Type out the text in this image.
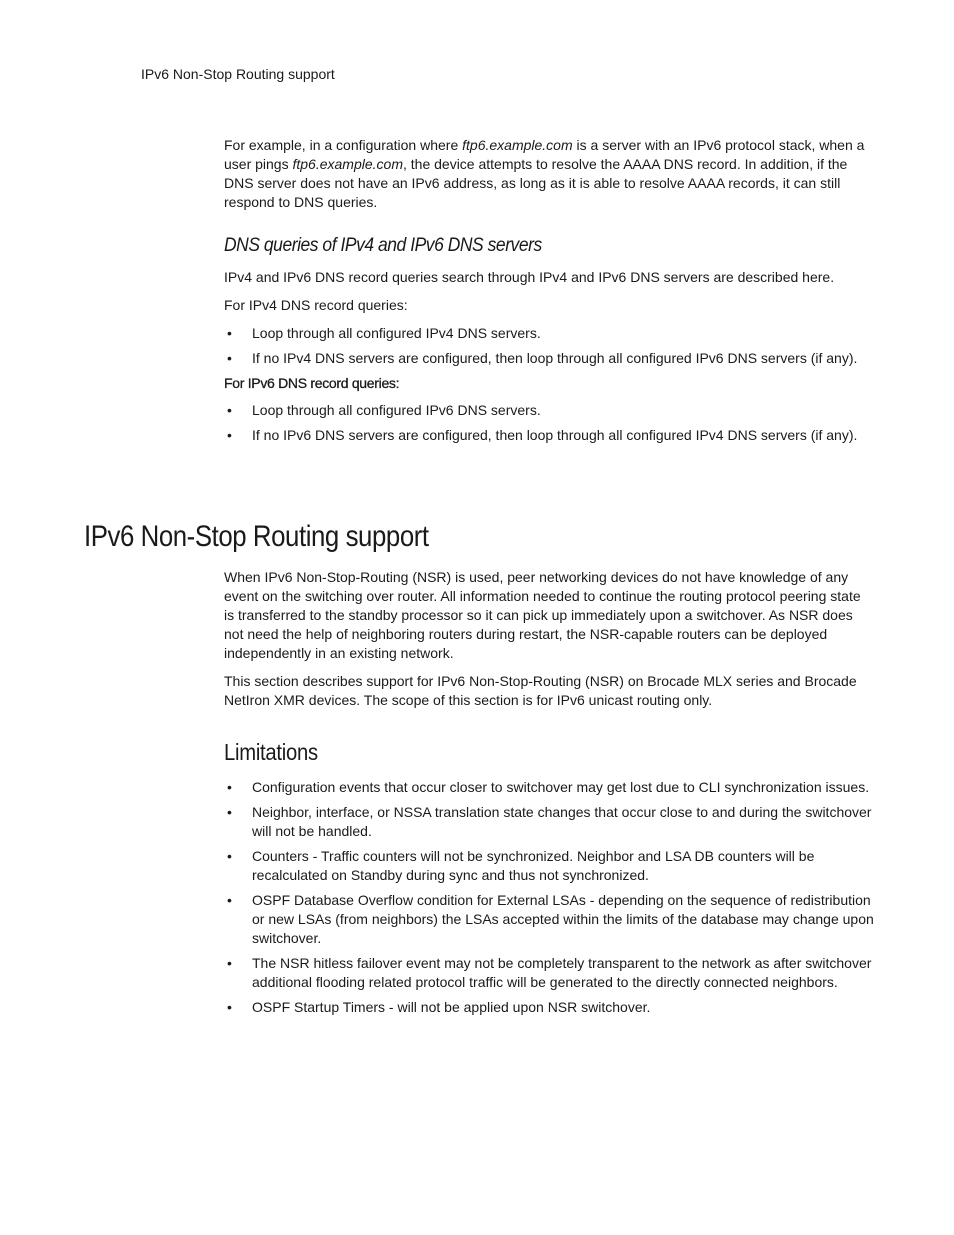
IPv6 Non-Stop Routing support

For example, in a configuration where ftp6.example.com is a server with an IPv6 protocol stack, when a user pings ftp6.example.com, the device attempts to resolve the AAAA DNS record. In addition, if the DNS server does not have an IPv6 address, as long as it is able to resolve AAAA records, it can still respond to DNS queries.

DNS queries of IPv4 and IPv6 DNS servers

IPv4 and IPv6 DNS record queries search through IPv4 and IPv6 DNS servers are described here.

For IPv4 DNS record queries:

• Loop through all configured IPv4 DNS servers.
• If no IPv4 DNS servers are configured, then loop through all configured IPv6 DNS servers (if any).
For IPv6 DNS record queries:
• Loop through all configured IPv6 DNS servers.
• If no IPv6 DNS servers are configured, then loop through all configured IPv4 DNS servers (if any).
IPv6 Non-Stop Routing support

When IPv6 Non-Stop-Routing (NSR) is used, peer networking devices do not have knowledge of any event on the switching over router. All information needed to continue the routing protocol peering state is transferred to the standby processor so it can pick up immediately upon a switchover. As NSR does not need the help of neighboring routers during restart, the NSR-capable routers can be deployed independently in an existing network.

This section describes support for IPv6 Non-Stop-Routing (NSR) on Brocade MLX series and Brocade NetIron XMR devices. The scope of this section is for IPv6 unicast routing only.

Limitations
• Configuration events that occur closer to switchover may get lost due to CLI synchronization issues.
• Neighbor, interface, or NSSA translation state changes that occur close to and during the switchover will not be handled.
• Counters - Traffic counters will not be synchronized. Neighbor and LSA DB counters will be recalculated on Standby during sync and thus not synchronized.
• OSPF Database Overflow condition for External LSAs - depending on the sequence of redistribution or new LSAs (from neighbors) the LSAs accepted within the limits of the database may change upon switchover.
• The NSR hitless failover event may not be completely transparent to the network as after switchover additional flooding related protocol traffic will be generated to the directly connected neighbors.
• OSPF Startup Timers - will not be applied upon NSR switchover.
